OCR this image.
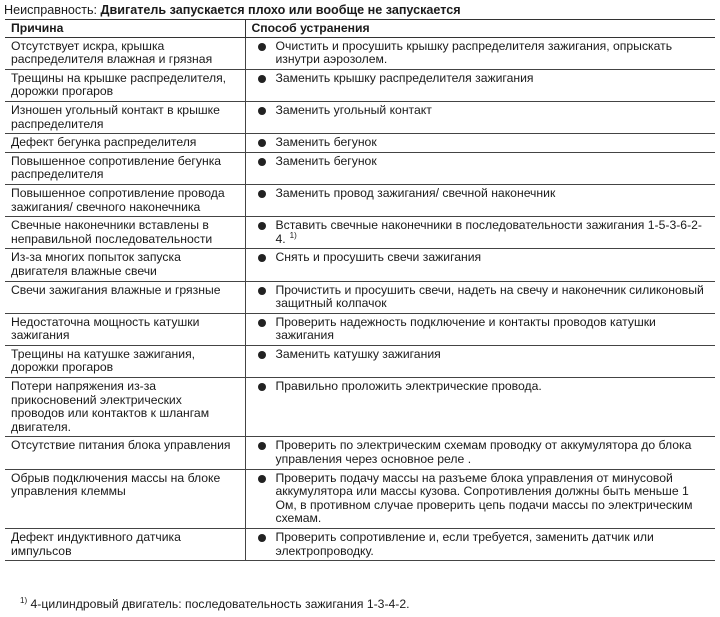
Неисправность: Двигатель запускается плохо или вообще не запускается
Причина	Способ устранения
Отсутствует искра, крышка распределителя влажная и грязная	Очистить и просушить крышку распределителя зажигания, опрыскать изнутри аэрозолем.

Трещины на крышке распределителя, дорожки прогаров	Заменить крышку распределителя зажигания

Изношен угольный контакт в крышке распределителя	Заменить угольный контакт

Дефект бегунка распределителя	Заменить бегунок

Повышенное сопротивление бегунка распределителя	Заменить бегунок

Повышенное сопротивление провода зажигания/ свечного наконечника	Заменить провод зажигания/ свечной наконечник

Свечные наконечники вставлены в неправильной последовательности	Вставить свечные наконечники в последовательности зажигания 1-5-3-6-2-4. $^{1)}$

Из-за многих попыток запуска двигателя влажные свечи	Снять и просушить свечи зажигания

Свечи зажигания влажные и грязные	Прочистить и просушить свечи, надеть на свечу и наконечник силиконовый защитный колпачок

Недостаточна мощность катушки зажигания	Проверить надежность подключение и контакты проводов катушки зажигания

Трещины на катушке зажигания, дорожки прогаров	Заменить катушку зажигания

Потери напряжения из-за прикосновений электрических проводов или контактов к шлангам двигателя.	Правильно проложить электрические провода.

Отсутствие питания блока управления	Проверить по электрическим схемам проводку от аккумулятора до блока управления через основное реле .

Обрыв подключения массы на блоке управления клеммы	Проверить подачу массы на разъеме блока управления от минусовой аккумулятора или массы кузова. Сопротивления должны быть меньше 1 Ом, в противном случае проверить цепь подачи массы по электрическим схемам.

Дефект индуктивного датчика импульсов	Проверить сопротивление и, если требуется, заменить датчик или электропроводку.
$^{1)}$ 4-цилиндровый двигатель: последовательность зажигания 1-3-4-2.
